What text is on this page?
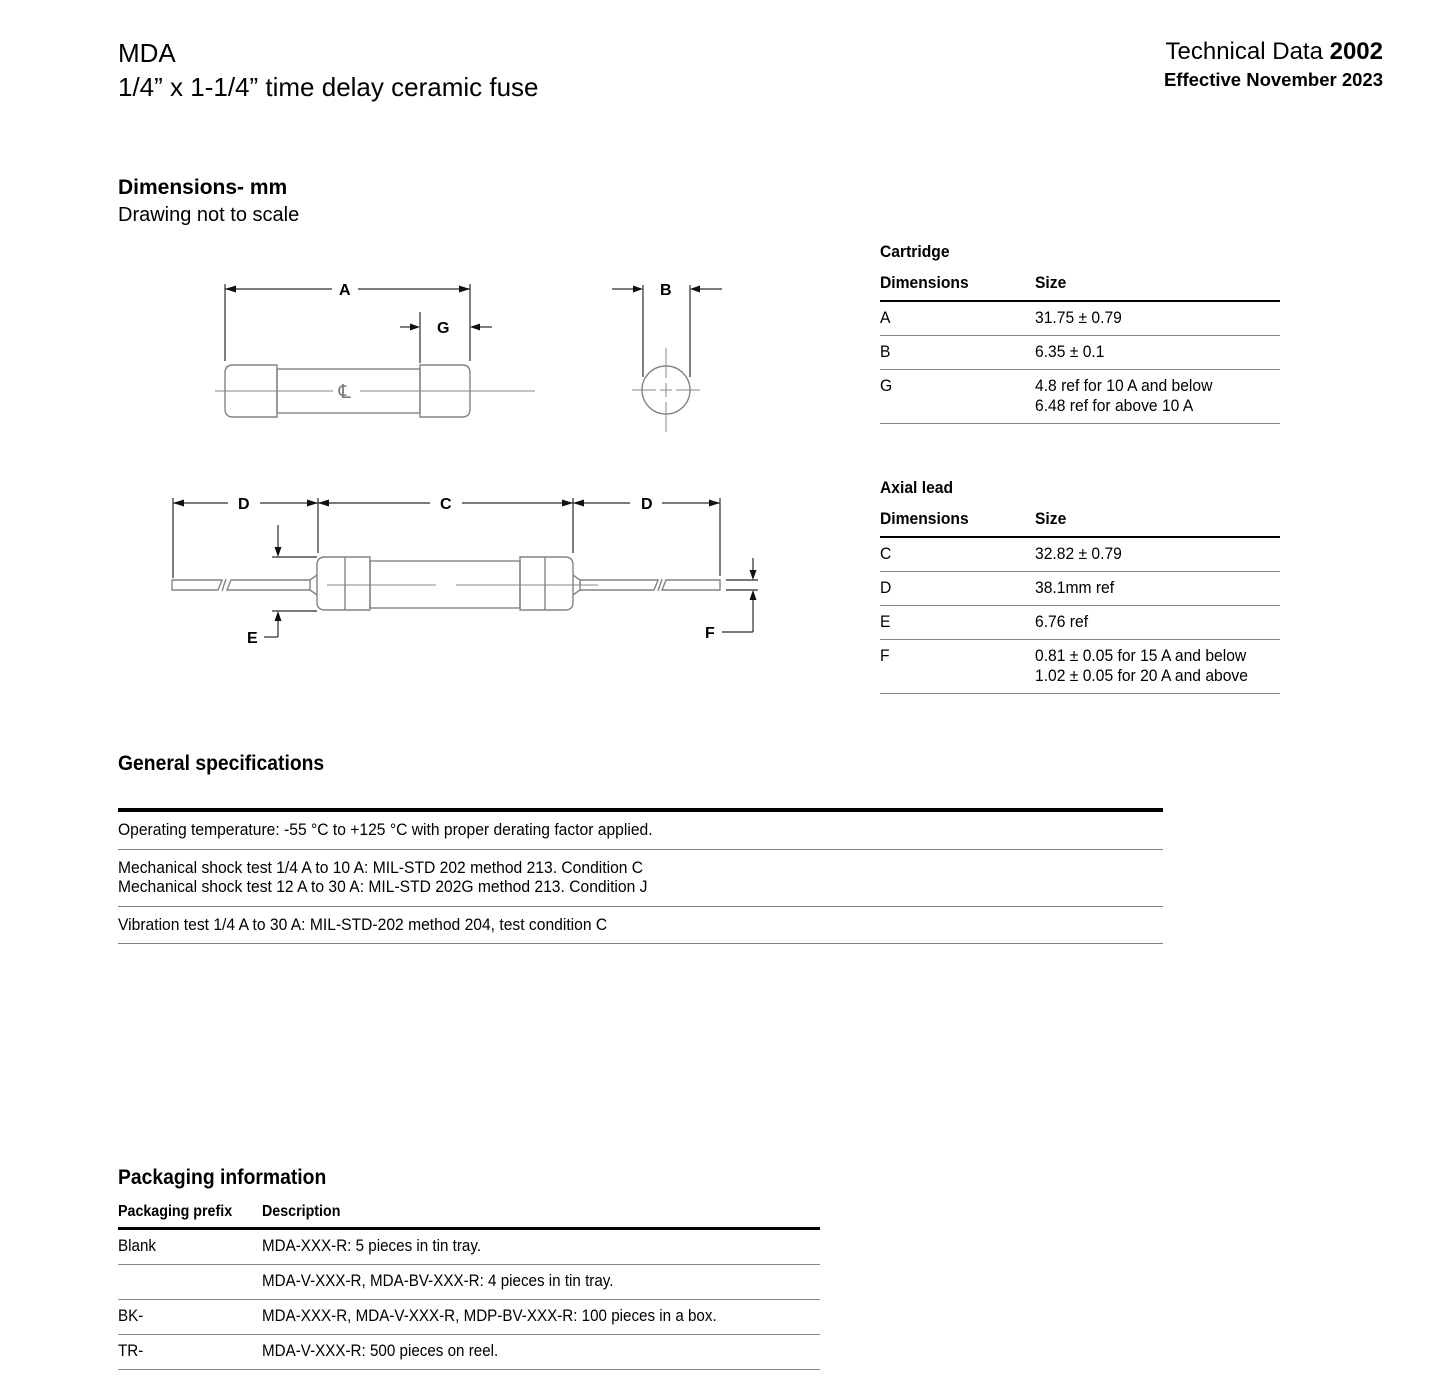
MDA
1/4” x 1-1/4” time delay ceramic fuse
Technical Data 2002
Effective November 2023
Dimensions- mm
Drawing not to scale
℄
A
G
B
D	C	D
E	F
Cartridge
Dimensions	Size
A	31.75 ± 0.79
B	6.35 ± 0.1
G	4.8 ref for 10 A and below
6.48 ref for above 10 A
Axial lead
Dimensions	Size
C	32.82 ± 0.79
D	38.1mm ref
E	6.76 ref
F	0.81 ± 0.05 for 15 A and below
1.02 ± 0.05 for 20 A and above
General specifications
Operating temperature: -55 °C to +125 °C with proper derating factor applied.
Mechanical shock test 1/4 A to 10 A: MIL-STD 202 method 213. Condition C
Mechanical shock test 12 A to 30 A: MIL-STD 202G method 213. Condition J
Vibration test 1/4 A to 30 A: MIL-STD-202 method 204, test condition C
Packaging information
Packaging prefix	Description
Blank	MDA-XXX-R: 5 pieces in tin tray.
MDA-V-XXX-R, MDA-BV-XXX-R: 4 pieces in tin tray.
BK-	MDA-XXX-R, MDA-V-XXX-R, MDP-BV-XXX-R: 100 pieces in a box.
TR-	MDA-V-XXX-R: 500 pieces on reel.
